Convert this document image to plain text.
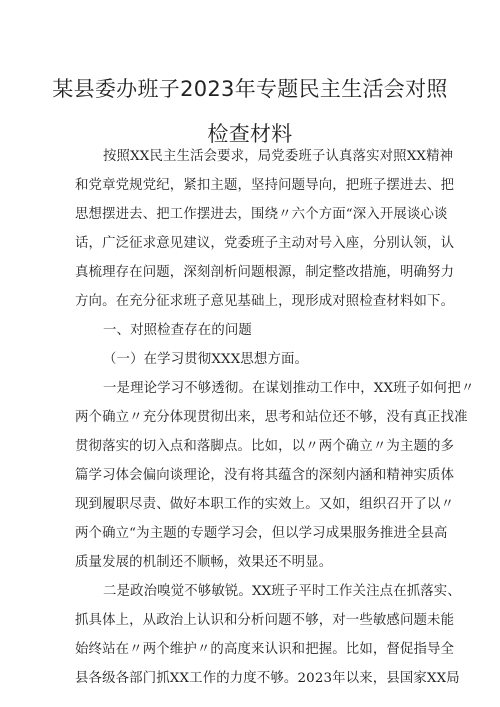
某县委办班子2023年专题民主生活会对照
检查材料
按照XX民主生活会要求，局党委班子认真落实对照XX精神
和党章党规党纪，紧扣主题，坚持问题导向，把班子摆进去、把
思想摆进去、把工作摆进去，围绕〃六个方面“深入开展谈心谈
话，广泛征求意见建议，党委班子主动对号入座，分别认领，认
真梳理存在问题，深刻剖析问题根源，制定整改措施，明确努力
方向。在充分征求班子意见基础上，现形成对照检查材料如下。
一、对照检查存在的问题
（一）在学习贯彻XXX思想方面。
一是理论学习不够透彻。在谋划推动工作中，XX班子如何把〃
两个确立〃充分体现贯彻出来，思考和站位还不够，没有真正找准
贯彻落实的切入点和落脚点。比如，以〃两个确立〃为主题的多
篇学习体会偏向谈理论，没有将其蕴含的深刻内涵和精神实质体
现到履职尽责、做好本职工作的实效上。又如，组织召开了以〃
两个确立“为主题的专题学习会，但以学习成果服务推进全县高
质量发展的机制还不顺畅，效果还不明显。
二是政治嗅觉不够敏锐。XX班子平时工作关注点在抓落实、
抓具体上，从政治上认识和分析问题不够，对一些敏感问题未能
始终站在〃两个维护〃的高度来认识和把握。比如，督促指导全
县各级各部门抓XX工作的力度不够。2023年以来，县国家XX局
